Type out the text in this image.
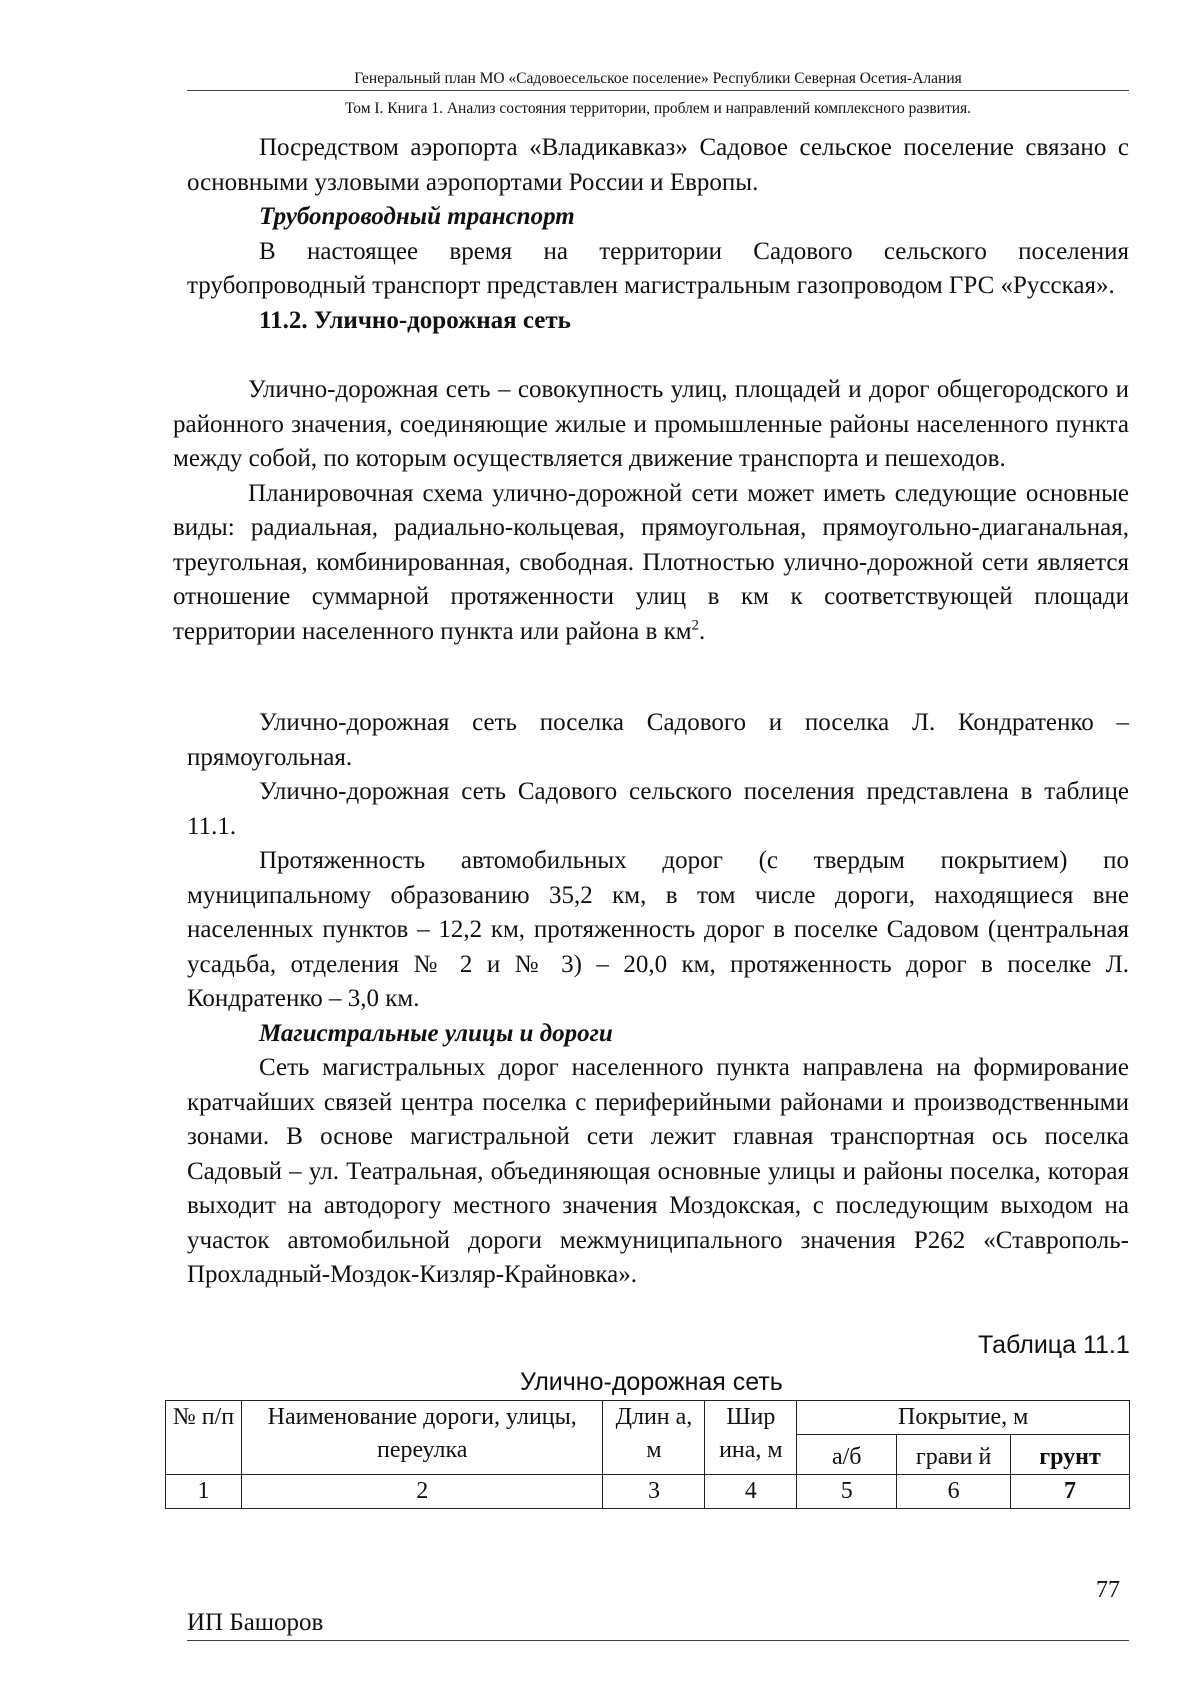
Генеральный план МО «Садовоесельское поселение» Республики Северная Осетия-Алания
Том I. Книга 1. Анализ состояния территории, проблем и направлений комплексного развития.

Посредством аэропорта «Владикавказ» Садовое сельское поселение связано с основными узловыми аэропортами России и Европы.

Трубопроводный транспорт

В настоящее время на территории Садового сельского поселения трубопроводный транспорт представлен магистральным газопроводом ГРС «Русская».

11.2. Улично-дорожная сеть

Улично-дорожная сеть – совокупность улиц, площадей и дорог общегородского и районного значения, соединяющие жилые и промышленные районы населенного пункта между собой, по которым осуществляется движение транспорта и пешеходов.

Планировочная схема улично-дорожной сети может иметь следующие основные виды: радиальная, радиально-кольцевая, прямоугольная, прямоугольно-диаганальная, треугольная, комбинированная, свободная. Плотностью улично-дорожной сети является отношение суммарной протяженности улиц в км к соответствующей площади территории населенного пункта или района в $км^2$.

Улично-дорожная сеть поселка Садового и поселка Л. Кондратенко – прямоугольная.

Улично-дорожная сеть Садового сельского поселения представлена в таблице 11.1.

Протяженность автомобильных дорог (с твердым покрытием) по муниципальному образованию 35,2 км, в том числе дороги, находящиеся вне населенных пунктов – 12,2 км, протяженность дорог в поселке Садовом (центральная усадьба, отделения № 2 и № 3) – 20,0 км, протяженность дорог в поселке Л. Кондратенко – 3,0 км.

Магистральные улицы и дороги

Сеть магистральных дорог населенного пункта направлена на формирование кратчайших связей центра поселка с периферийными районами и производственными зонами. В основе магистральной сети лежит главная транспортная ось поселка Садовый – ул. Театральная, объединяющая основные улицы и районы поселка, которая выходит на автодорогу местного значения Моздокская, с последующим выходом на участок автомобильной дороги межмуниципального значения Р262 «Ставрополь-Прохладный-Моздок-Кизляр-Крайновка».

Таблица 11.1
Улично-дорожная сеть
№ п/п	Наименование дороги, улицы, переулка	Длин а, м	Шир ина, м	Покрытие, м		
				а/б	грави й	грунт
1	2	3	4	5	6	7
77
ИП Башоров
